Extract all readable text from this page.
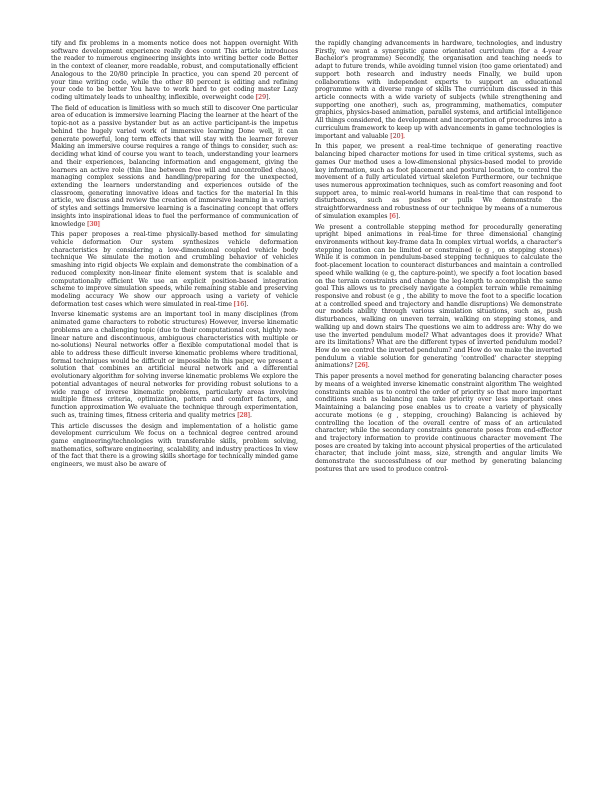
tify and fix problems in a moments notice does not happen overnight With software development experience really does count This article introduces the reader to numerous engineering insights into writing better code Better in the context of cleaner, more readable, robust, and computationally efficient Analogous to the 20/80 principle In practice, you can spend 20 percent of your time writing code, while the other 80 percent is editing and refining your code to be better You have to work hard to get coding master Lazy coding ultimately leads to unhealthy, inflexible, overweight code [29].

The field of education is limitless with so much still to discover One particular area of education is immersive learning Placing the learner at the heart of the topic-not as a passive bystander but as an active participant-is the impetus behind the hugely varied work of immersive learning Done well, it can generate powerful, long term effects that will stay with the learner forever Making an immersive course requires a range of things to consider, such as: deciding what kind of course you want to teach, understanding your learners and their experiences, balancing information and engagement, giving the learners an active role (thin line between free will and uncontrolled chaos), managing complex sessions and handling/preparing for the unexpected, extending the learners understanding and experiences outside of the classroom, generating innovative ideas and tactics for the material In this article, we discuss and review the creation of immersive learning in a variety of styles and settings Immersive learning is a fascinating concept that offers insights into inspirational ideas to fuel the performance of communication of knowledge [30]

This paper proposes a real-time physically-based method for simulating vehicle deformation Our system synthesizes vehicle deformation characteristics by considering a low-dimensional coupled vehicle body technique We simulate the motion and crumbling behavior of vehicles smashing into rigid objects We explain and demonstrate the combination of a reduced complexity non-linear finite element system that is scalable and computationally efficient We use an explicit position-based integration scheme to improve simulation speeds, while remaining stable and preserving modeling accuracy We show our approach using a variety of vehicle deformation test cases which were simulated in real-time [16].

Inverse kinematic systems are an important tool in many disciplines (from animated game characters to robotic structures) However, inverse kinematic problems are a challenging topic (due to their computational cost, highly non-linear nature and discontinuous, ambiguous characteristics with multiple or no-solutions) Neural networks offer a flexible computational model that is able to address these difficult inverse kinematic problems where traditional, formal techniques would be difficult or impossible In this paper, we present a solution that combines an artificial neural network and a differential evolutionary algorithm for solving inverse kinematic problems We explore the potential advantages of neural networks for providing robust solutions to a wide range of inverse kinematic problems, particularly areas involving multiple fitness criteria, optimization, pattern and comfort factors, and function approximation We evaluate the technique through experimentation, such as, training times, fitness criteria and quality metrics [28].

This article discusses the design and implementation of a holistic game development curriculum We focus on a technical degree centred around game engineering/technologies with transferable skills, problem solving, mathematics, software engineering, scalability, and industry practices In view of the fact that there is a growing skills shortage for technically minded game engineers, we must also be aware of

the rapidly changing advancements in hardware, technologies, and industry Firstly, we want a synergistic game orientated curriculum (for a 4-year Bachelor's programme) Secondly, the organisation and teaching needs to adapt to future trends, while avoiding tunnel vision (too game orientated) and support both research and industry needs Finally, we build upon collaborations with independent experts to support an educational programme with a diverse range of skills The curriculum discussed in this article connects with a wide variety of subjects (while strengthening and supporting one another), such as, programming, mathematics, computer graphics, physics-based animation, parallel systems, and artificial intelligence All things considered, the development and incorporation of procedures into a curriculum framework to keep up with advancements in game technologies is important and valuable [20].

In this paper, we present a real-time technique of generating reactive balancing biped character motions for used in time critical systems, such as games Our method uses a low-dimensional physics-based model to provide key information, such as foot placement and postural location, to control the movement of a fully articulated virtual skeleton Furthermore, our technique uses numerous approximation techniques, such as comfort reasoning and foot support area, to mimic real-world humans in real-time that can respond to disturbances, such as pushes or pulls We demonstrate the straightforwardness and robustness of our technique by means of a numerous of simulation examples [6].

We present a controllable stepping method for procedurally generating upright biped animations in real-time for three dimensional changing environments without key-frame data In complex virtual worlds, a character's stepping location can be limited or constrained (e g , on stepping stones) While it is common in pendulum-based stepping techniques to calculate the foot-placement location to counteract disturbances and maintain a controlled speed while walking (e g, the capture-point), we specify a foot location based on the terrain constraints and change the leg-length to accomplish the same goal This allows us to precisely navigate a complex terrain while remaining responsive and robust (e g , the ability to move the foot to a specific location at a controlled speed and trajectory and handle disruptions) We demonstrate our models ability through various simulation situations, such as, push disturbances, walking on uneven terrain, walking on stepping stones, and walking up and down stairs The questions we aim to address are: Why do we use the inverted pendulum model? What advantages does it provide? What are its limitations? What are the different types of inverted pendulum model? How do we control the inverted pendulum? and How do we make the inverted pendulum a viable solution for generating 'controlled' character stepping animations? [26].

This paper presents a novel method for generating balancing character poses by means of a weighted inverse kinematic constraint algorithm The weighted constraints enable us to control the order of priority so that more important conditions such as balancing can take priority over less important ones Maintaining a balancing pose enables us to create a variety of physically accurate motions (e g , stepping, crouching) Balancing is achieved by controlling the location of the overall centre of mass of an articulated character; while the secondary constraints generate poses from end-effector and trajectory information to provide continuous character movement The poses are created by taking into account physical properties of the articulated character, that include joint mass, size, strength and angular limits We demonstrate the successfulness of our method by generating balancing postures that are used to produce control-
